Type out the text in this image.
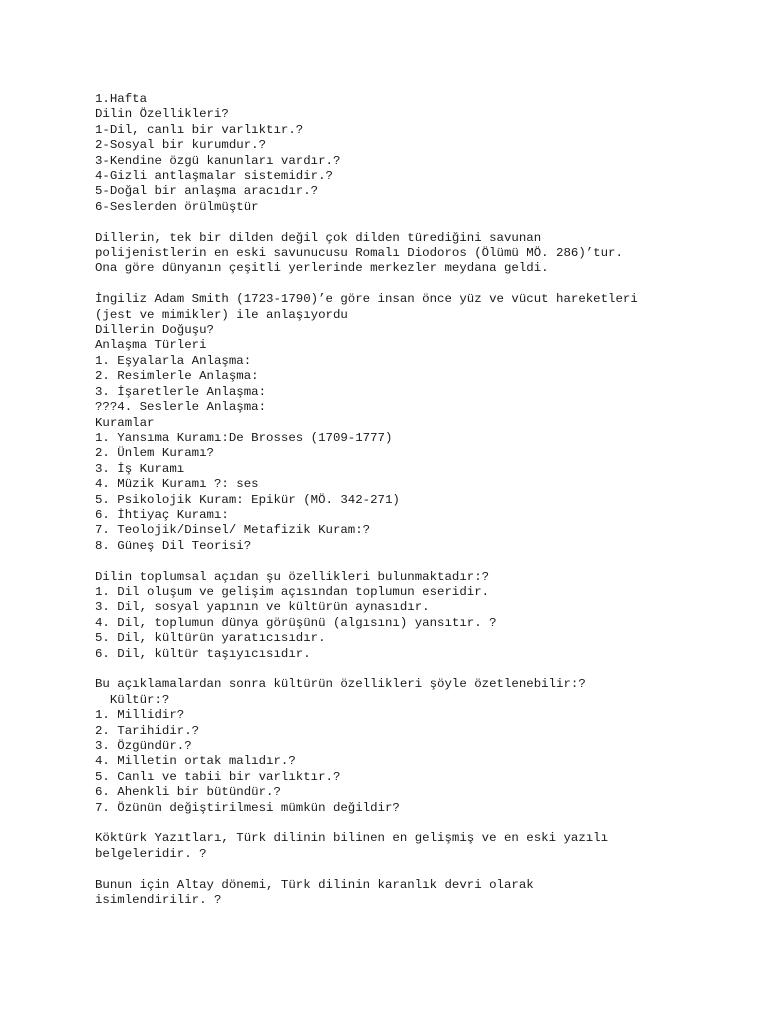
1.Hafta
Dilin Özellikleri?
1-Dil, canlı bir varlıktır.?
2-Sosyal bir kurumdur.?
3-Kendine özgü kanunları vardır.?
4-Gizli antlaşmalar sistemidir.?
5-Doğal bir anlaşma aracıdır.?
6-Seslerden örülmüştür
Dillerin, tek bir dilden değil çok dilden türediğini savunan
polijenistlerin en eski savunucusu Romalı Diodoros (Ölümü MÖ. 286)’tur.
Ona göre dünyanın çeşitli yerlerinde merkezler meydana geldi.
İngiliz Adam Smith (1723-1790)’e göre insan önce yüz ve vücut hareketleri
(jest ve mimikler) ile anlaşıyordu
Dillerin Doğuşu?
Anlaşma Türleri
1. Eşyalarla Anlaşma:
2. Resimlerle Anlaşma:
3. İşaretlerle Anlaşma:
???4. Seslerle Anlaşma:
Kuramlar
1. Yansıma Kuramı:De Brosses (1709-1777)
2. Ünlem Kuramı?
3. İş Kuramı
4. Müzik Kuramı ?: ses
5. Psikolojik Kuram: Epikür (MÖ. 342-271)
6. İhtiyaç Kuramı:
7. Teolojik/Dinsel/ Metafizik Kuram:?
8. Güneş Dil Teorisi?
Dilin toplumsal açıdan şu özellikleri bulunmaktadır:?
1. Dil oluşum ve gelişim açısından toplumun eseridir.
3. Dil, sosyal yapının ve kültürün aynasıdır.
4. Dil, toplumun dünya görüşünü (algısını) yansıtır. ?
5. Dil, kültürün yaratıcısıdır.
6. Dil, kültür taşıyıcısıdır.
Bu açıklamalardan sonra kültürün özellikleri şöyle özetlenebilir:?
Kültür:?
1. Millidir?
2. Tarihidir.?
3. Özgündür.?
4. Milletin ortak malıdır.?
5. Canlı ve tabii bir varlıktır.?
6. Ahenkli bir bütündür.?
7. Özünün değiştirilmesi mümkün değildir?
Köktürk Yazıtları, Türk dilinin bilinen en gelişmiş ve en eski yazılı
belgeleridir. ?
Bunun için Altay dönemi, Türk dilinin karanlık devri olarak
isimlendirilir. ?
